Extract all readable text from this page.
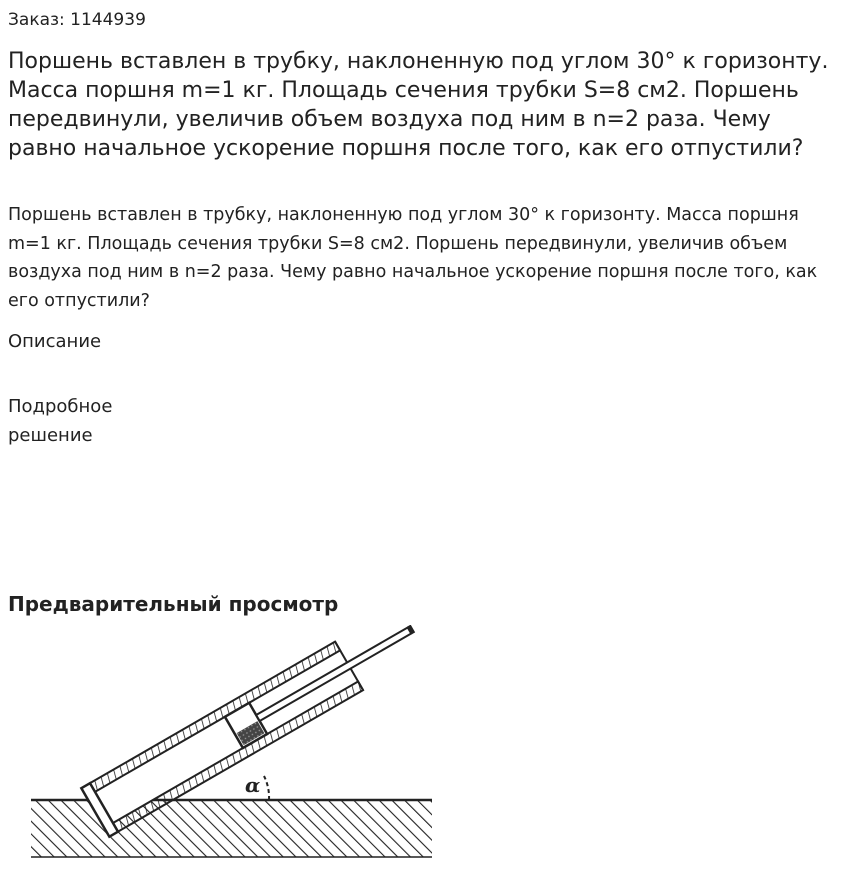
Заказ: 1144939
Поршень вставлен в трубку, наклоненную под углом 30° к горизонту. Масса поршня m=1 кг. Площадь сечения трубки S=8 см2. Поршень передвинули, увеличив объем воздуха под ним в n=2 раза. Чему равно начальное ускорение поршня после того, как его отпустили?

Поршень вставлен в трубку, наклоненную под углом 30° к горизонту. Масса поршня m=1 кг. Площадь сечения трубки S=8 см2. Поршень передвинули, увеличив объем воздуха под ним в n=2 раза. Чему равно начальное ускорение поршня после того, как его отпустили?

Описание
Подробное решение
Предварительный просмотр
α
